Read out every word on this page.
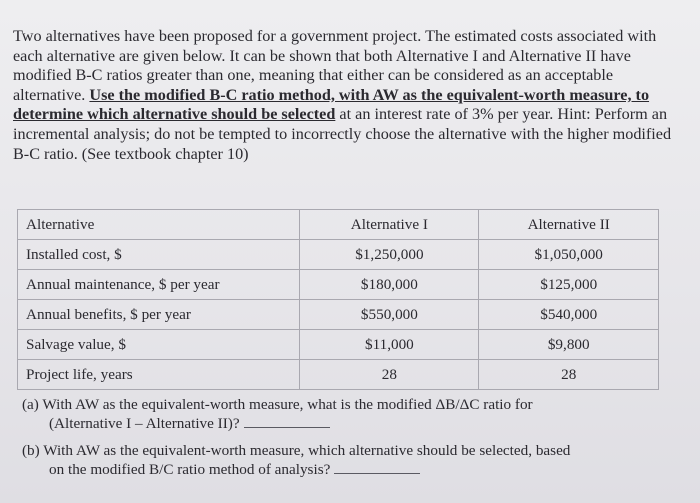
Two alternatives have been proposed for a government project. The estimated costs associated with each alternative are given below. It can be shown that both Alternative I and Alternative II have modified B-C ratios greater than one, meaning that either can be considered as an acceptable alternative. Use the modified B-C ratio method, with AW as the equivalent-worth measure, to determine which alternative should be selected at an interest rate of 3% per year. Hint: Perform an incremental analysis; do not be tempted to incorrectly choose the alternative with the higher modified B-C ratio. (See textbook chapter 10)
Alternative	Alternative I	Alternative II
Installed cost, $	$1,250,000	$1,050,000
Annual maintenance, $ per year	$180,000	$125,000
Annual benefits, $ per year	$550,000	$540,000
Salvage value, $	$11,000	$9,800
Project life, years	28	28
(a) With AW as the equivalent-worth measure, what is the modified ΔB/ΔC ratio for
(Alternative I – Alternative II)?
(b) With AW as the equivalent-worth measure, which alternative should be selected, based
on the modified B/C ratio method of analysis?
